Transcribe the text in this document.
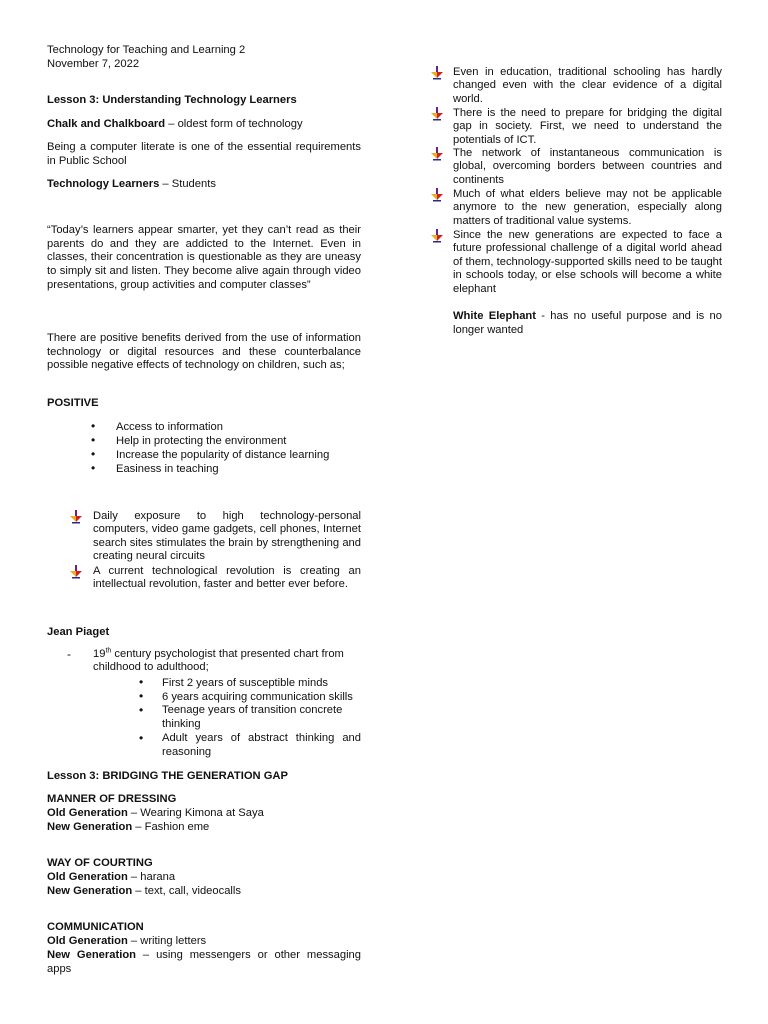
Technology for Teaching and Learning 2
November 7, 2022
Lesson 3: Understanding Technology Learners
Chalk and Chalkboard – oldest form of technology
Being a computer literate is one of the essential requirements in Public School
Technology Learners – Students
“Today’s learners appear smarter, yet they can’t read as their parents do and they are addicted to the Internet. Even in classes, their concentration is questionable as they are uneasy to simply sit and listen. They become alive again through video presentations, group activities and computer classes”
There are positive benefits derived from the use of information technology or digital resources and these counterbalance possible negative effects of technology on children, such as;
POSITIVE
• Access to information
• Help in protecting the environment
• Increase the popularity of distance learning
• Easiness in teaching
Daily exposure to high technology-personal computers, video game gadgets, cell phones, Internet search sites stimulates the brain by strengthening and creating neural circuits
A current technological revolution is creating an intellectual revolution, faster and better ever before.
Jean Piaget
- 19th century psychologist that presented chart from childhood to adulthood;
• First 2 years of susceptible minds
• 6 years acquiring communication skills
• Teenage years of transition concrete thinking
• Adult years of abstract thinking and reasoning
Lesson 3: BRIDGING THE GENERATION GAP
MANNER OF DRESSING
Old Generation – Wearing Kimona at Saya
New Generation – Fashion eme
WAY OF COURTING
Old Generation – harana
New Generation – text, call, videocalls
COMMUNICATION
Old Generation – writing letters
New Generation – using messengers or other messaging apps
Even in education, traditional schooling has hardly changed even with the clear evidence of a digital world.
There is the need to prepare for bridging the digital gap in society. First, we need to understand the potentials of ICT.
The network of instantaneous communication is global, overcoming borders between countries and continents
Much of what elders believe may not be applicable anymore to the new generation, especially along matters of traditional value systems.
Since the new generations are expected to face a future professional challenge of a digital world ahead of them, technology-supported skills need to be taught in schools today, or else schools will become a white elephant
White Elephant - has no useful purpose and is no longer wanted
